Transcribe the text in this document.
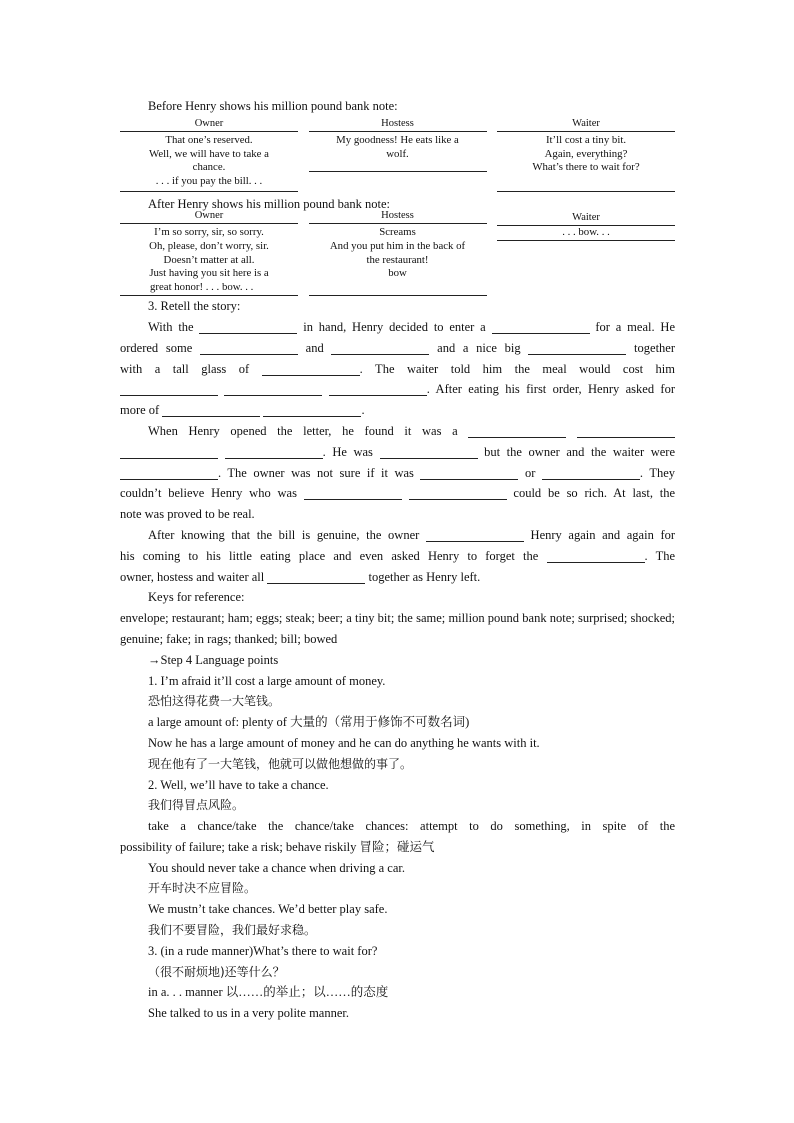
Before Henry shows his million pound bank note:

Owner
That one’s reserved.
Well, we will have to take a
chance.
. . . if you pay the bill. . .
Hostess
My goodness! He eats like a
wolf.
Waiter
It’ll cost a tiny bit.
Again, everything?
What’s there to wait for?

After Henry shows his million pound bank note:

Owner
I’m so sorry, sir, so sorry.
Oh, please, don’t worry, sir.
Doesn’t matter at all.
Just having you sit here is a
great honor! . . . bow. . .
Hostess
Screams
And you put him in the back of
the restaurant!
bow
Waiter
. . . bow. . .

3. Retell the story:

With the	in hand, Henry decided to enter a	for a meal. He

ordered some	and	and a nice big	together

with a tall glass of	. The waiter told him the meal would cost him

. After eating his first order, Henry asked for

more of	.

When Henry opened the letter, he found it was a

. He was	but the owner and the waiter were

. The owner was not sure if it was	or	. They

couldn’t believe Henry who was	could be so rich. At last, the

note was proved to be real.

After knowing that the bill is genuine, the owner	Henry again and again for

his coming to his little eating place and even asked Henry to forget the	. The

owner, hostess and waiter all	together as Henry left.

Keys for reference:

envelope; restaurant; ham; eggs; steak; beer; a tiny bit; the same; million pound bank note; surprised; shocked; genuine; fake; in rags; thanked; bill; bowed

→Step 4 Language points

1. I’m afraid it’ll cost a large amount of money.

恐怕这得花费一大笔钱。

a large amount of: plenty of 大量的（常用于修饰不可数名词)

Now he has a large amount of money and he can do anything he wants with it.

现在他有了一大笔钱，他就可以做他想做的事了。

2. Well, we’ll have to take a chance.

我们得冒点风险。

take a chance/take the chance/take chances: attempt to do something, in spite of the

possibility of failure; take a risk; behave riskily 冒险；碰运气

You should never take a chance when driving a car.

开车时决不应冒险。

We mustn’t take chances. We’d better play safe.

我们不要冒险，我们最好求稳。

3. (in a rude manner)What’s there to wait for?

（很不耐烦地)还等什么？

in a. . . manner 以……的举止；以……的态度

She talked to us in a very polite manner.
